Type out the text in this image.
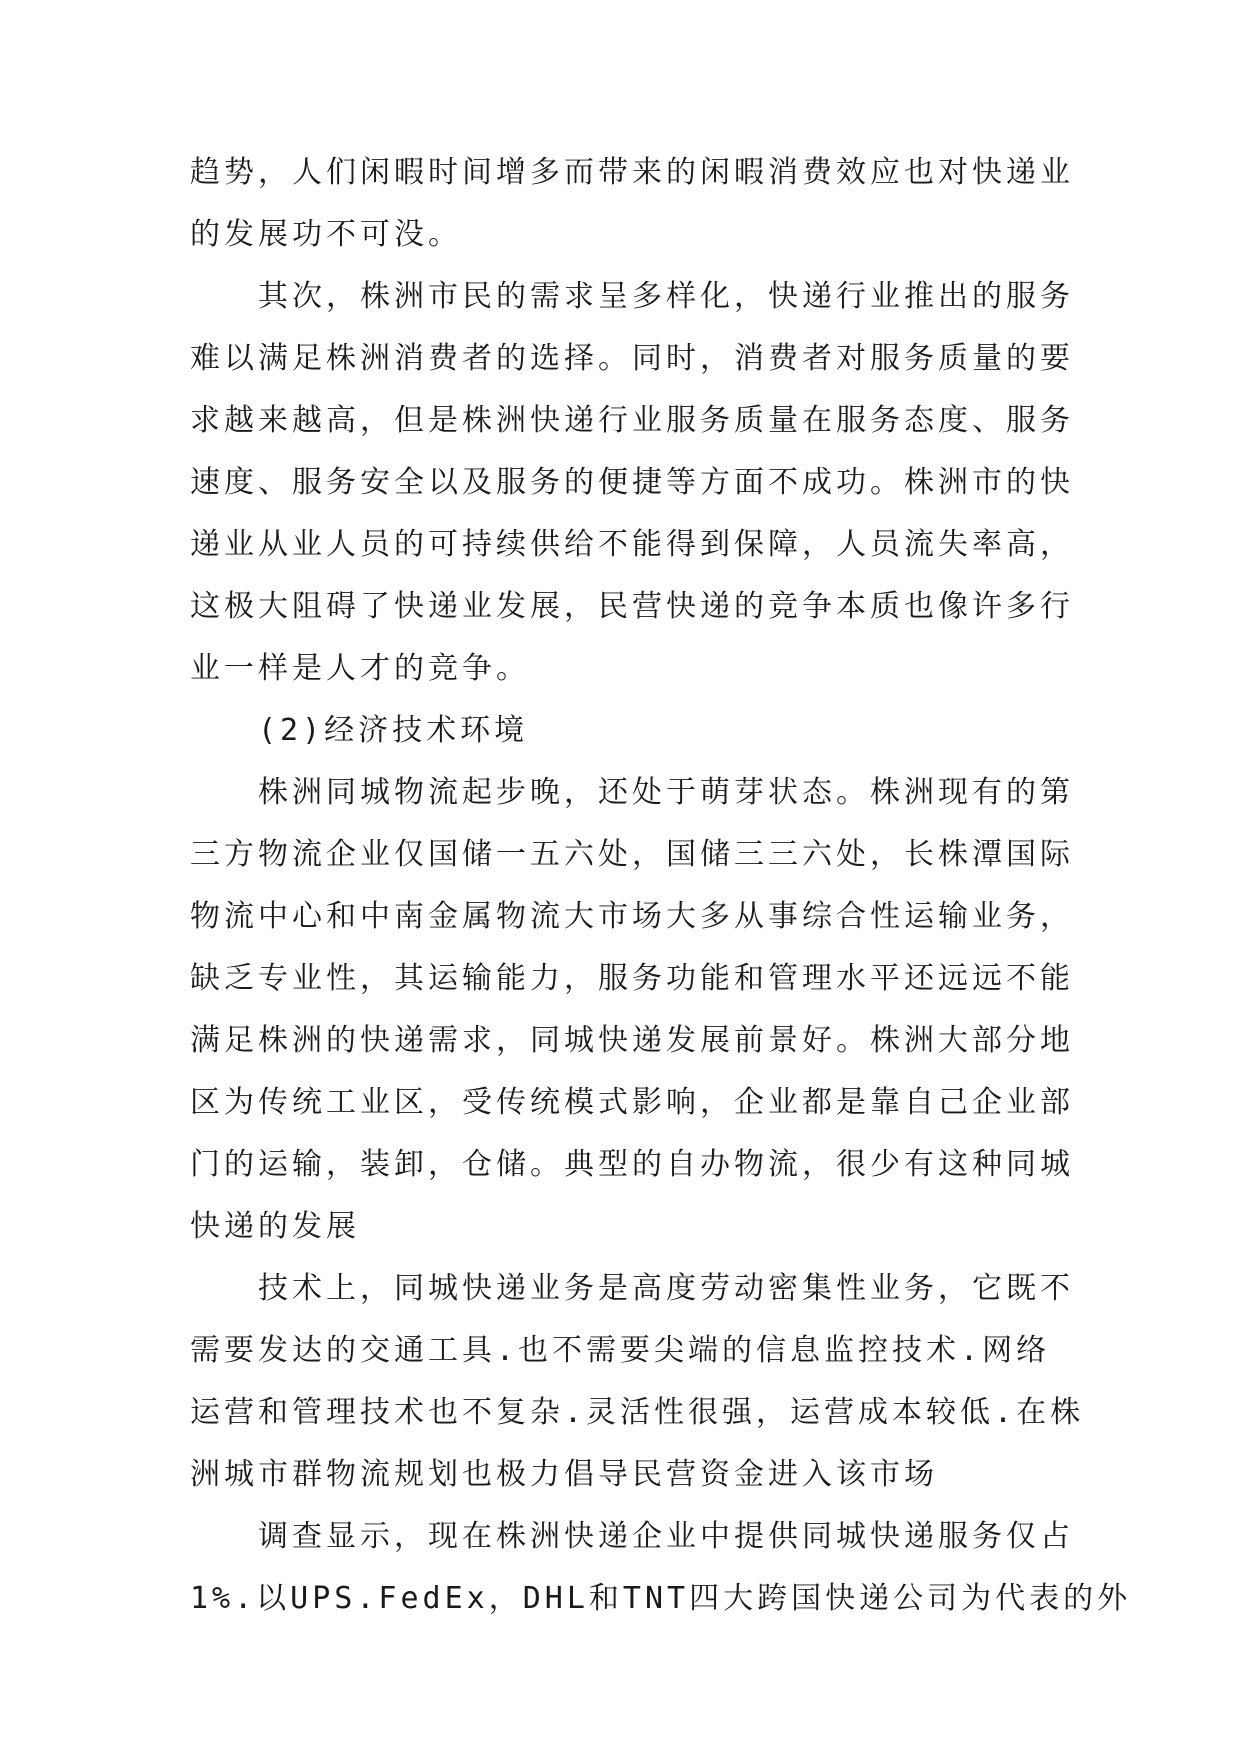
趋势，人们闲暇时间增多而带来的闲暇消费效应也对快递业
的发展功不可没。
其次，株洲市民的需求呈多样化，快递行业推出的服务
难以满足株洲消费者的选择。同时，消费者对服务质量的要
求越来越高，但是株洲快递行业服务质量在服务态度、服务
速度、服务安全以及服务的便捷等方面不成功。株洲市的快
递业从业人员的可持续供给不能得到保障，人员流失率高，
这极大阻碍了快递业发展，民营快递的竞争本质也像许多行
业一样是人才的竞争。
(2)经济技术环境
株洲同城物流起步晚，还处于萌芽状态。株洲现有的第
三方物流企业仅国储一五六处，国储三三六处，长株潭国际
物流中心和中南金属物流大市场大多从事综合性运输业务，
缺乏专业性，其运输能力，服务功能和管理水平还远远不能
满足株洲的快递需求，同城快递发展前景好。株洲大部分地
区为传统工业区，受传统模式影响，企业都是靠自己企业部
门的运输，装卸，仓储。典型的自办物流，很少有这种同城
快递的发展
技术上，同城快递业务是高度劳动密集性业务，它既不
需要发达的交通工具.也不需要尖端的信息监控技术.网络
运营和管理技术也不复杂.灵活性很强，运营成本较低.在株
洲城市群物流规划也极力倡导民营资金进入该市场
调查显示，现在株洲快递企业中提供同城快递服务仅占
1%.以UPS.FedEx，DHL和TNT四大跨国快递公司为代表的外
